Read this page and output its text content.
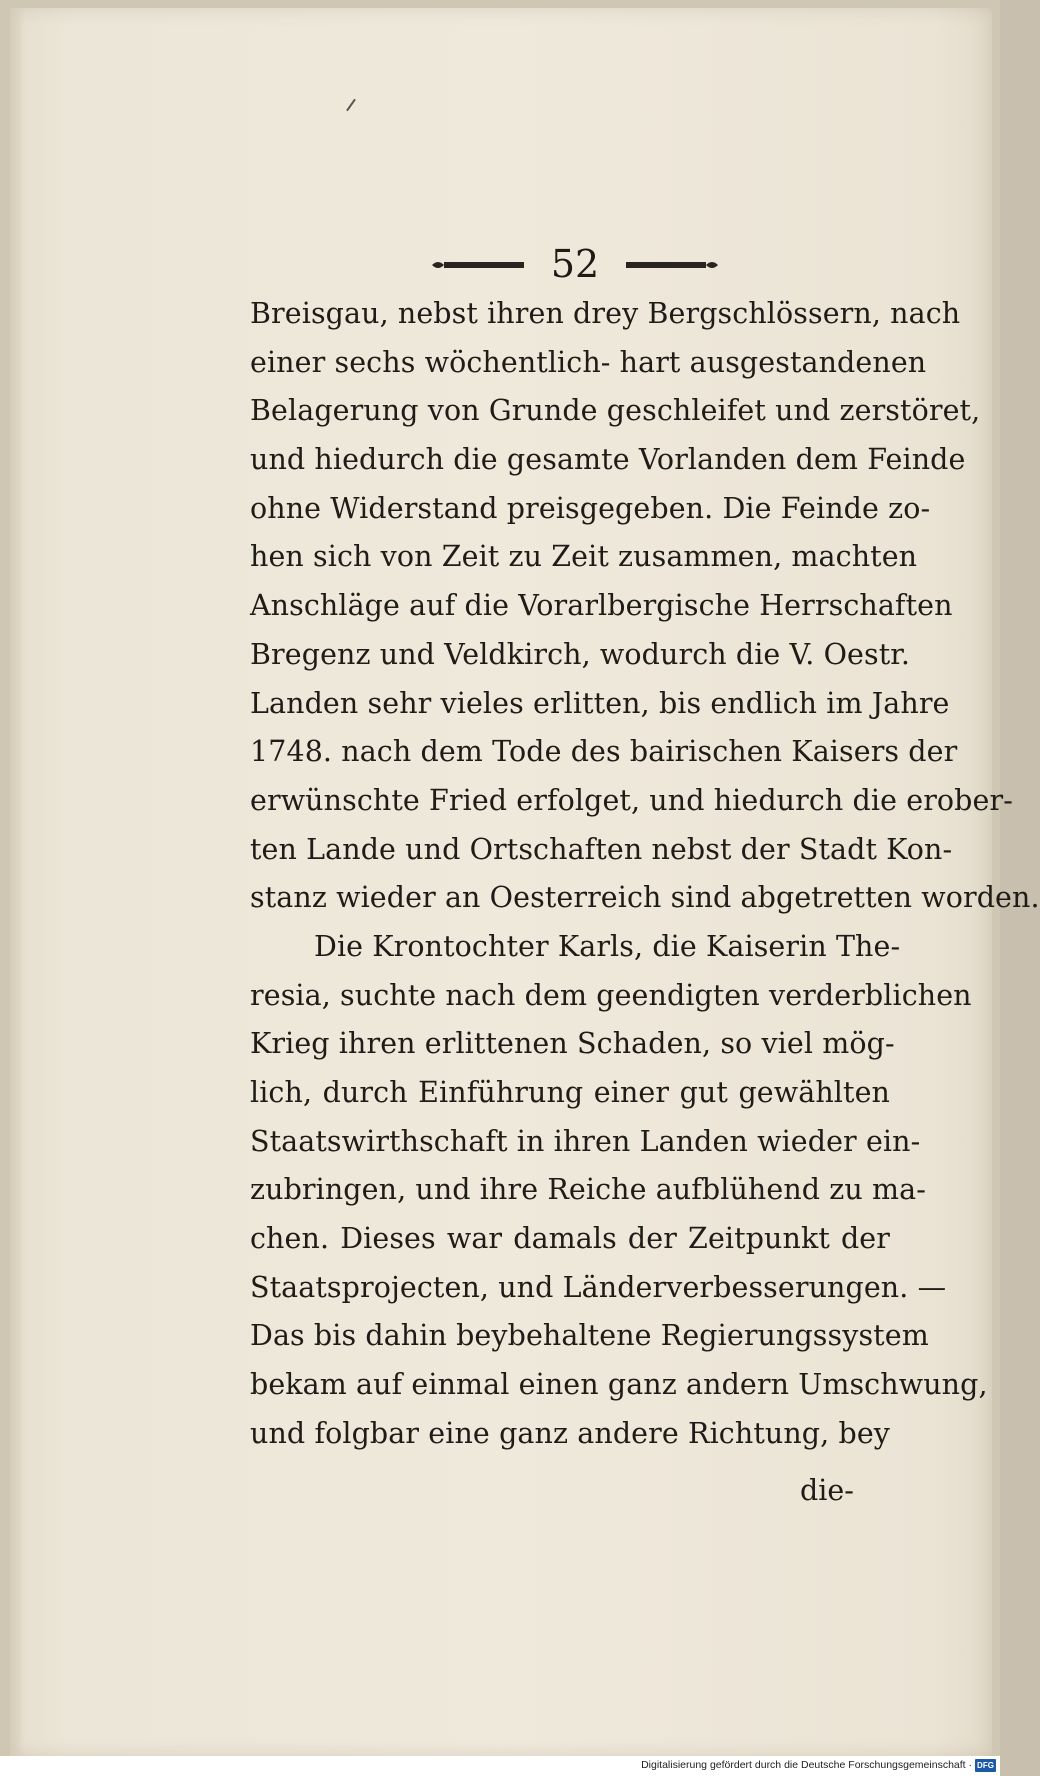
52
Breisgau, nebst ihren drey Bergschlössern, nach
einer sechs wöchentlich- hart ausgestandenen
Belagerung von Grunde geschleifet und zerstöret,
und hiedurch die gesamte Vorlanden dem Feinde
ohne Widerstand preisgegeben. Die Feinde zo-
hen sich von Zeit zu Zeit zusammen, machten
Anschläge auf die Vorarlbergische Herrschaften
Bregenz und Veldkirch, wodurch die V. Oestr.
Landen sehr vieles erlitten, bis endlich im Jahre
1748. nach dem Tode des bairischen Kaisers der
erwünschte Fried erfolget, und hiedurch die erober-
ten Lande und Ortschaften nebst der Stadt Kon-
stanz wieder an Oesterreich sind abgetretten worden.
Die Krontochter Karls, die Kaiserin The-
resia, suchte nach dem geendigten verderblichen
Krieg ihren erlittenen Schaden, so viel mög-
lich, durch Einführung einer gut gewählten
Staatswirthschaft in ihren Landen wieder ein-
zubringen, und ihre Reiche aufblühend zu ma-
chen. Dieses war damals der Zeitpunkt der
Staatsprojecten, und Länderverbesserungen. —
Das bis dahin beybehaltene Regierungssystem
bekam auf einmal einen ganz andern Umschwung,
und folgbar eine ganz andere Richtung, bey
die-
Digitalisierung gefördert durch die Deutsche Forschungsgemeinschaft · DFG
